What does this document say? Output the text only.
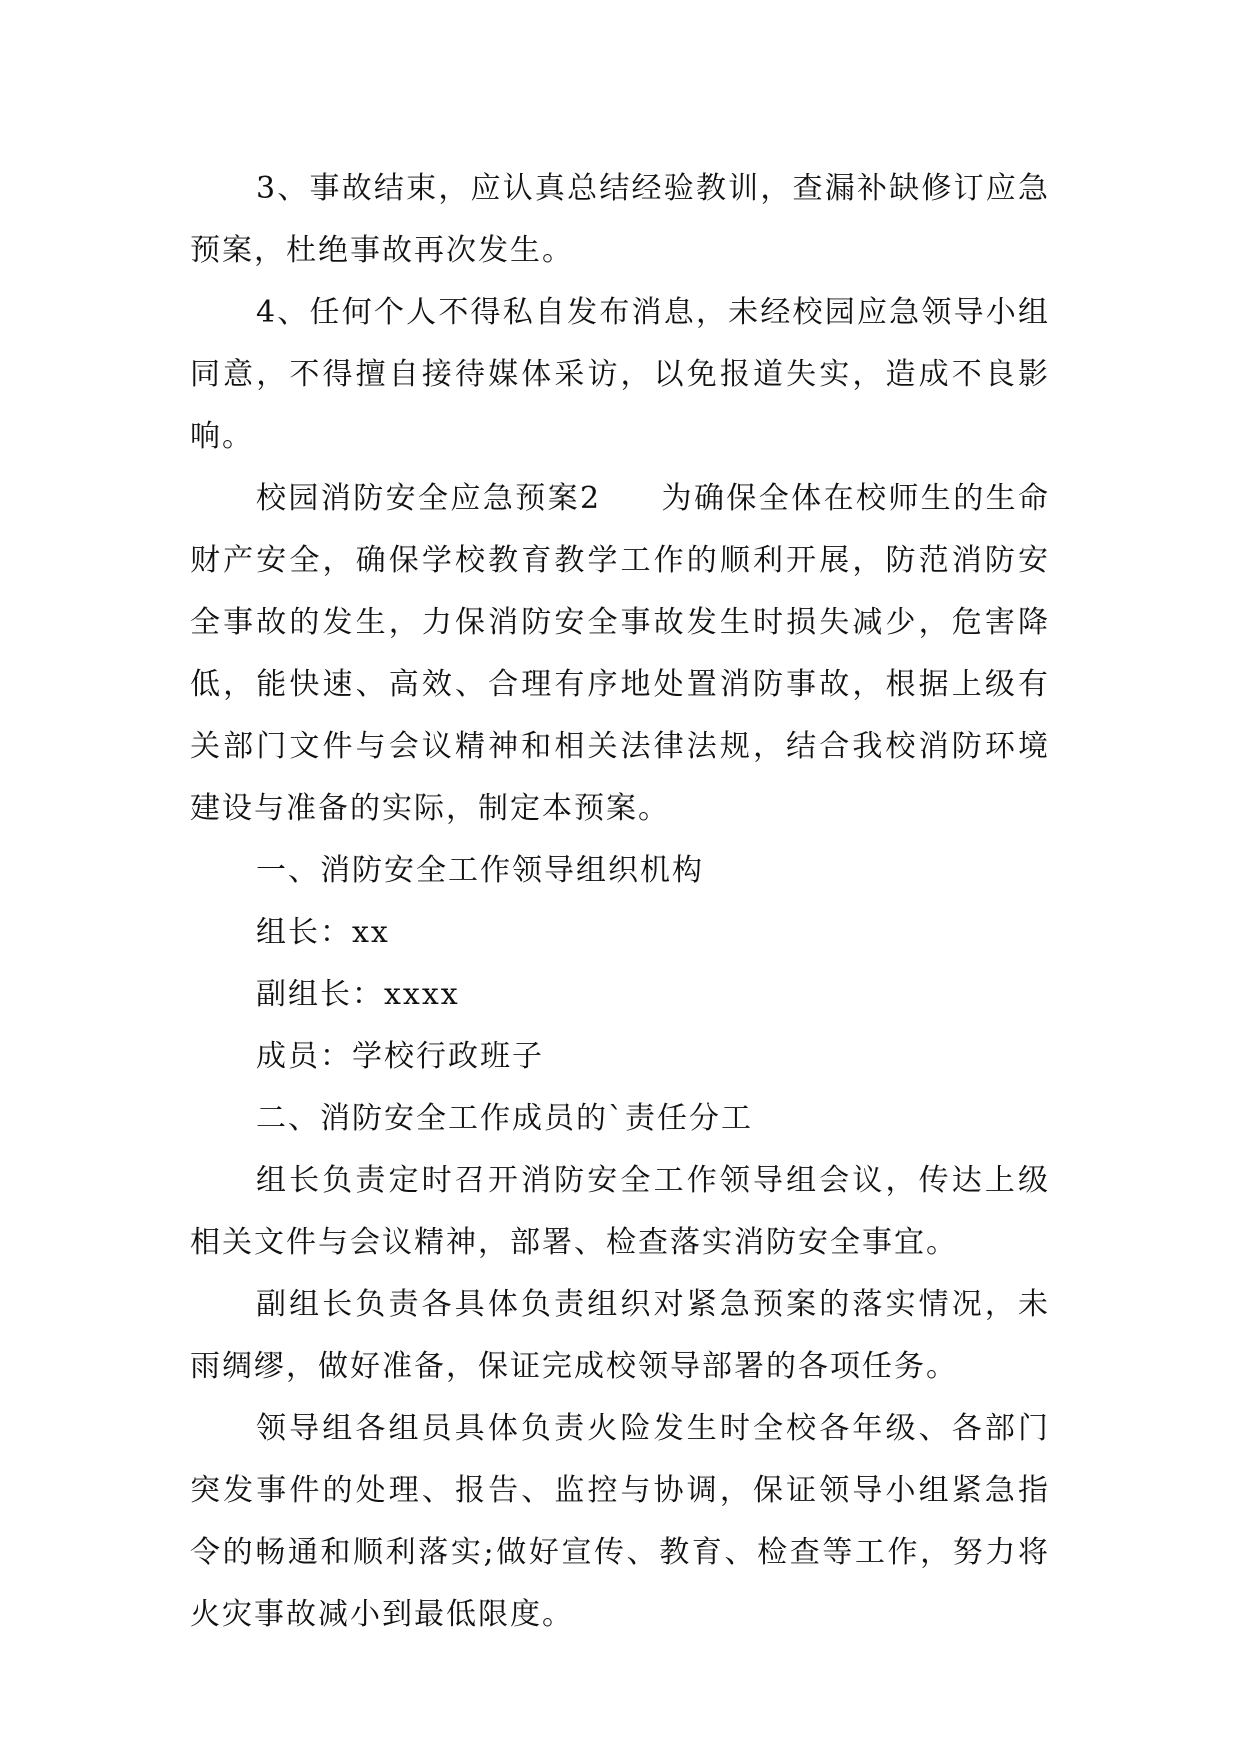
3、事故结束，应认真总结经验教训，查漏补缺修订应急预案，杜绝事故再次发生。

4、任何个人不得私自发布消息，未经校园应急领导小组同意，不得擅自接待媒体采访，以免报道失实，造成不良影响。

校园消防安全应急预案2 为确保全体在校师生的生命财产安全，确保学校教育教学工作的顺利开展，防范消防安全事故的发生，力保消防安全事故发生时损失减少，危害降低，能快速、高效、合理有序地处置消防事故，根据上级有关部门文件与会议精神和相关法律法规，结合我校消防环境建设与准备的实际，制定本预案。

一、消防安全工作领导组织机构

组长：xx

副组长：xxxx

成员：学校行政班子

二、消防安全工作成员的`责任分工

组长负责定时召开消防安全工作领导组会议，传达上级相关文件与会议精神，部署、检查落实消防安全事宜。

副组长负责各具体负责组织对紧急预案的落实情况，未雨绸缪，做好准备，保证完成校领导部署的各项任务。

领导组各组员具体负责火险发生时全校各年级、各部门突发事件的处理、报告、监控与协调，保证领导小组紧急指令的畅通和顺利落实;做好宣传、教育、检查等工作，努力将火灾事故减小到最低限度。
